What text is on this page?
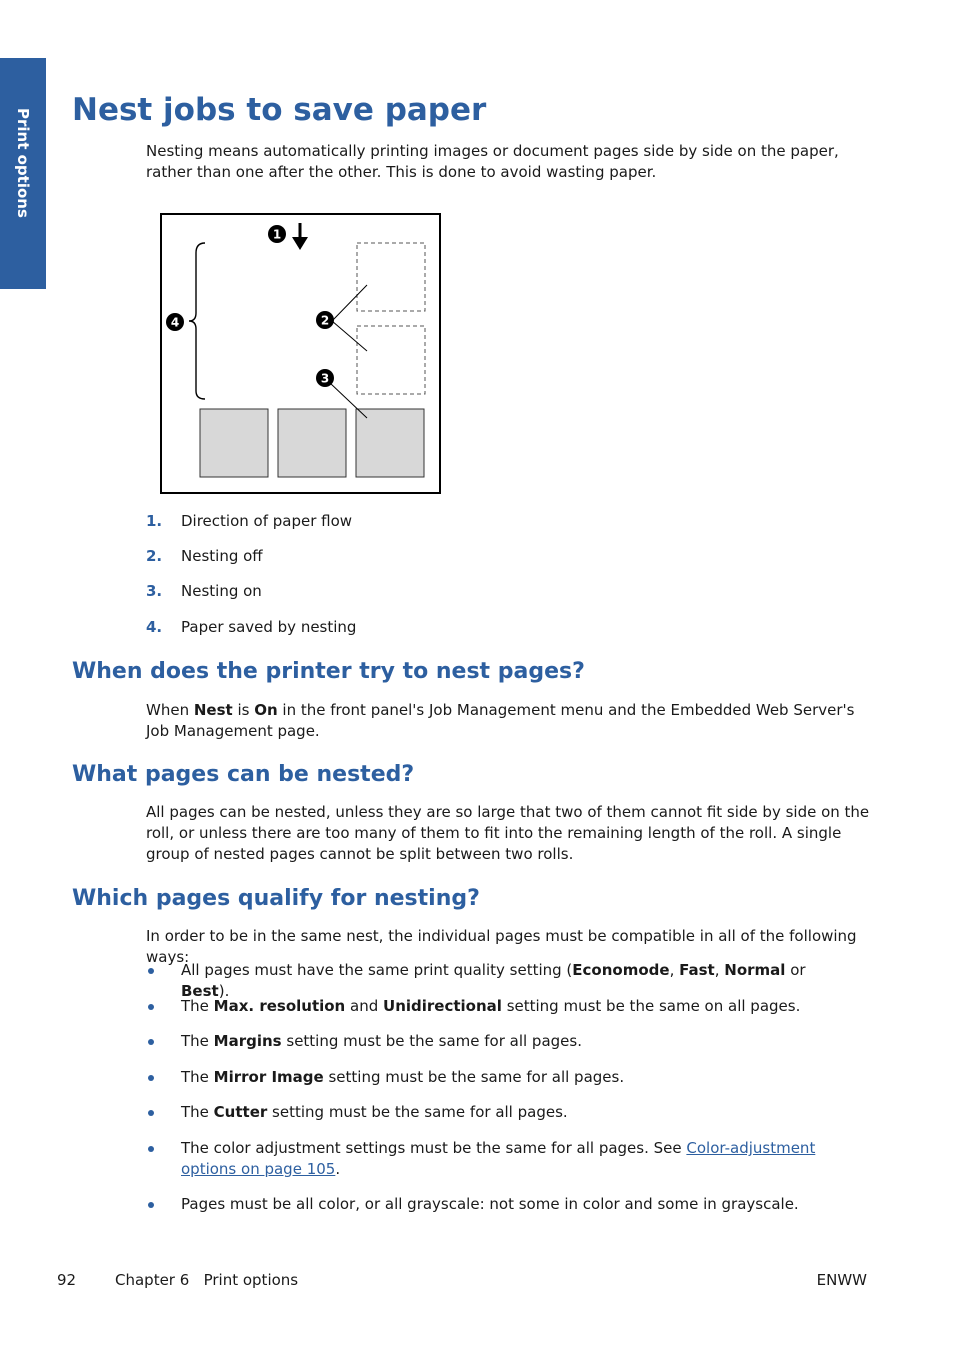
Print options Nest jobs to save paper

Nesting means automatically printing images or document pages side by side on the paper, rather than one after the other. This is done to avoid wasting paper.

1
2
3
4
1. Direction of paper flow
2. Nesting off
3. Nesting on
4. Paper saved by nesting
When does the printer try to nest pages?

When Nest is On in the front panel's Job Management menu and the Embedded Web Server's Job Management page.

What pages can be nested?

All pages can be nested, unless they are so large that two of them cannot fit side by side on the roll, or unless there are too many of them to fit into the remaining length of the roll. A single group of nested pages cannot be split between two rolls.

Which pages qualify for nesting?

In order to be in the same nest, the individual pages must be compatible in all of the following ways:

All pages must have the same print quality setting (Economode, Fast, Normal or Best).
The Max. resolution and Unidirectional setting must be the same on all pages.
The Margins setting must be the same for all pages.
The Mirror Image setting must be the same for all pages.
The Cutter setting must be the same for all pages.
The color adjustment settings must be the same for all pages. See Color-adjustment options on page 105.
Pages must be all color, or all grayscale: not some in color and some in grayscale.
92	Chapter 6   Print options	ENWW
